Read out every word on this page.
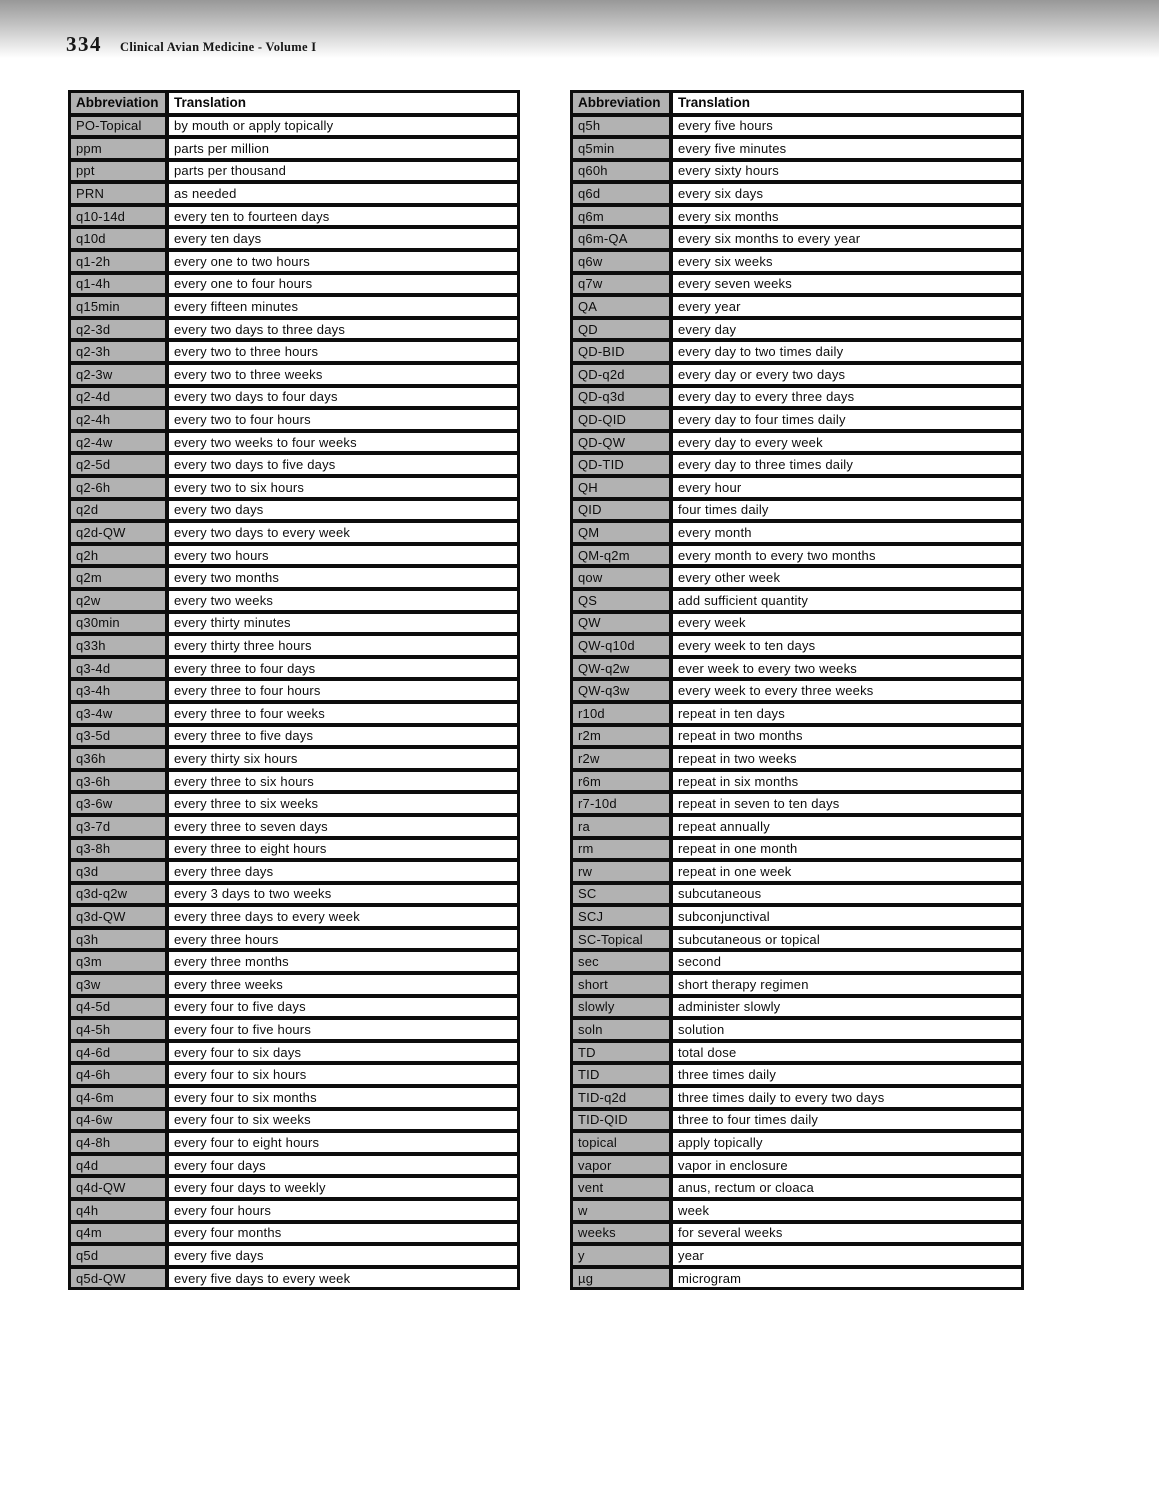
334 Clinical Avian Medicine - Volume I
Abbreviation	Translation
PO-Topical	by mouth or apply topically
ppm	parts per million
ppt	parts per thousand
PRN	as needed
q10-14d	every ten to fourteen days
q10d	every ten days
q1-2h	every one to two hours
q1-4h	every one to four hours
q15min	every fifteen minutes
q2-3d	every two days to three days
q2-3h	every two to three hours
q2-3w	every two to three weeks
q2-4d	every two days to four days
q2-4h	every two to four hours
q2-4w	every two weeks to four weeks
q2-5d	every two days to five days
q2-6h	every two to six hours
q2d	every two days
q2d-QW	every two days to every week
q2h	every two hours
q2m	every two months
q2w	every two weeks
q30min	every thirty minutes
q33h	every thirty three hours
q3-4d	every three to four days
q3-4h	every three to four hours
q3-4w	every three to four weeks
q3-5d	every three to five days
q36h	every thirty six hours
q3-6h	every three to six hours
q3-6w	every three to six weeks
q3-7d	every three to seven days
q3-8h	every three to eight hours
q3d	every three days
q3d-q2w	every 3 days to two weeks
q3d-QW	every three days to every week
q3h	every three hours
q3m	every three months
q3w	every three weeks
q4-5d	every four to five days
q4-5h	every four to five hours
q4-6d	every four to six days
q4-6h	every four to six hours
q4-6m	every four to six months
q4-6w	every four to six weeks
q4-8h	every four to eight hours
q4d	every four days
q4d-QW	every four days to weekly
q4h	every four hours
q4m	every four months
q5d	every five days
q5d-QW	every five days to every week
Abbreviation	Translation
q5h	every five hours
q5min	every five minutes
q60h	every sixty hours
q6d	every six days
q6m	every six months
q6m-QA	every six months to every year
q6w	every six weeks
q7w	every seven weeks
QA	every year
QD	every day
QD-BID	every day to two times daily
QD-q2d	every day or every two days
QD-q3d	every day to every three days
QD-QID	every day to four times daily
QD-QW	every day to every week
QD-TID	every day to three times daily
QH	every hour
QID	four times daily
QM	every month
QM-q2m	every month to every two months
qow	every other week
QS	add sufficient quantity
QW	every week
QW-q10d	every week to ten days
QW-q2w	ever week to every two weeks
QW-q3w	every week to every three weeks
r10d	repeat in ten days
r2m	repeat in two months
r2w	repeat in two weeks
r6m	repeat in six months
r7-10d	repeat in seven to ten days
ra	repeat annually
rm	repeat in one month
rw	repeat in one week
SC	subcutaneous
SCJ	subconjunctival
SC-Topical	subcutaneous or topical
sec	second
short	short therapy regimen
slowly	administer slowly
soln	solution
TD	total dose
TID	three times daily
TID-q2d	three times daily to every two days
TID-QID	three to four times daily
topical	apply topically
vapor	vapor in enclosure
vent	anus, rectum or cloaca
w	week
weeks	for several weeks
y	year
µg	microgram
